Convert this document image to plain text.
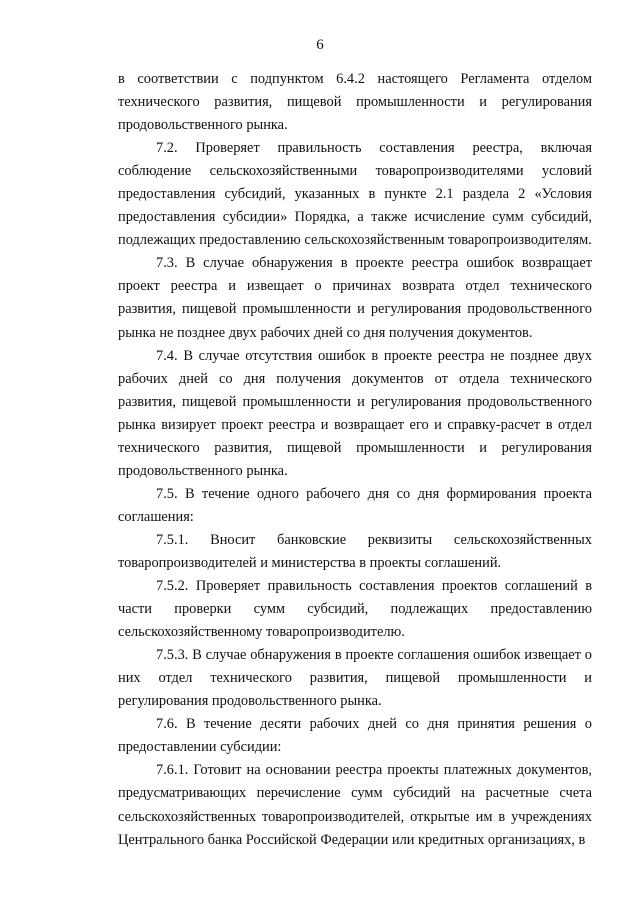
6

в соответствии с подпунктом 6.4.2 настоящего Регламента отделом технического развития, пищевой промышленности и регулирования продовольственного рынка.

7.2. Проверяет правильность составления реестра, включая соблюдение сельскохозяйственными товаропроизводителями условий предоставления субсидий, указанных в пункте 2.1 раздела 2 «Условия предоставления субсидии» Порядка, а также исчисление сумм субсидий, подлежащих предоставлению сельскохозяйственным товаропроизводителям.

7.3. В случае обнаружения в проекте реестра ошибок возвращает проект реестра и извещает о причинах возврата отдел технического развития, пищевой промышленности и регулирования продовольственного рынка не позднее двух рабочих дней со дня получения документов.

7.4. В случае отсутствия ошибок в проекте реестра не позднее двух рабочих дней со дня получения документов от отдела технического развития, пищевой промышленности и регулирования продовольственного рынка визирует проект реестра и возвращает его и справку-расчет в отдел технического развития, пищевой промышленности и регулирования продовольственного рынка.

7.5. В течение одного рабочего дня со дня формирования проекта соглашения:

7.5.1. Вносит банковские реквизиты сельскохозяйственных товаропроизводителей и министерства в проекты соглашений.

7.5.2. Проверяет правильность составления проектов соглашений в части проверки сумм субсидий, подлежащих предоставлению сельскохозяйственному товаропроизводителю.

7.5.3. В случае обнаружения в проекте соглашения ошибок извещает о них отдел технического развития, пищевой промышленности и регулирования продовольственного рынка.

7.6. В течение десяти рабочих дней со дня принятия решения о предоставлении субсидии:

7.6.1. Готовит на основании реестра проекты платежных документов, предусматривающих перечисление сумм субсидий на расчетные счета сельскохозяйственных товаропроизводителей, открытые им в учреждениях Центрального банка Российской Федерации или кредитных организациях, в
